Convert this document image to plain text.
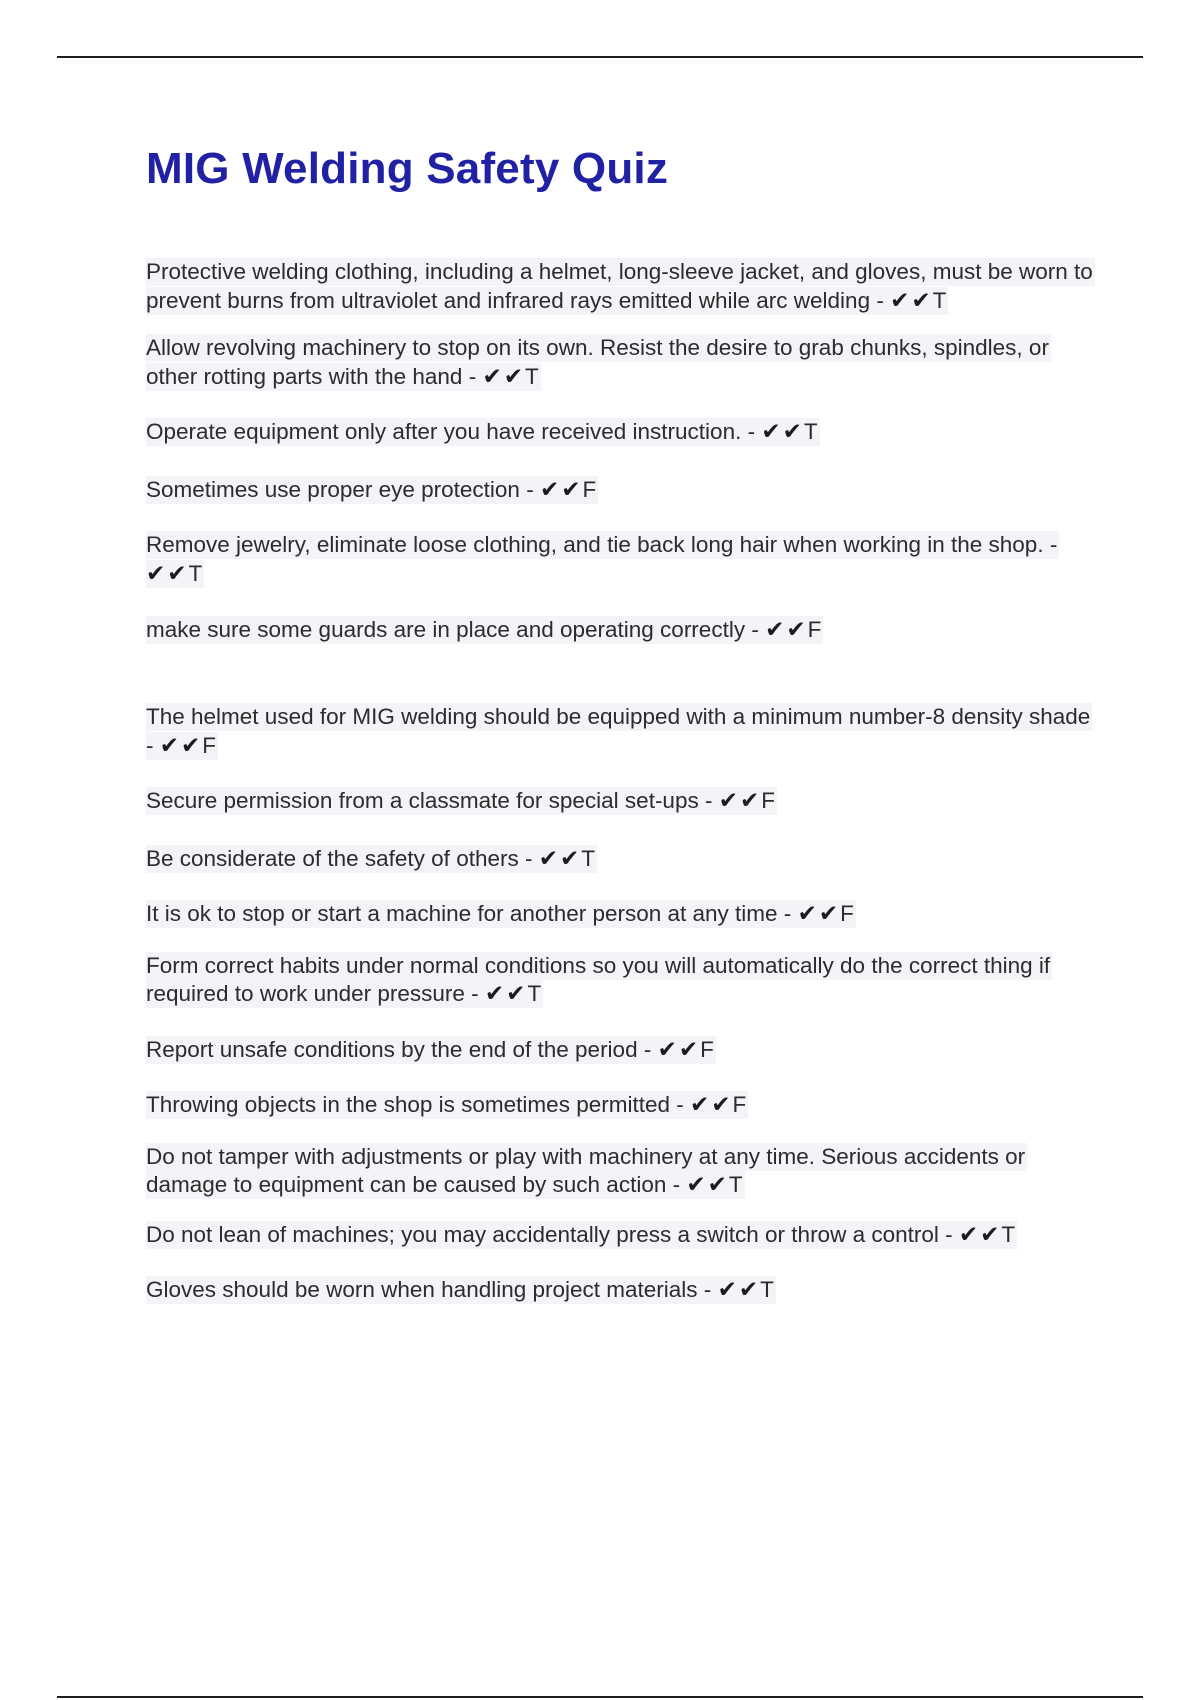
MIG Welding Safety Quiz
Protective welding clothing, including a helmet, long-sleeve jacket, and gloves, must be worn to prevent burns from ultraviolet and infrared rays emitted while arc welding - ✔✔T
Allow revolving machinery to stop on its own. Resist the desire to grab chunks, spindles, or other rotting parts with the hand - ✔✔T
Operate equipment only after you have received instruction. - ✔✔T
Sometimes use proper eye protection - ✔✔F
Remove jewelry, eliminate loose clothing, and tie back long hair when working in the shop. - ✔✔T
make sure some guards are in place and operating correctly - ✔✔F
The helmet used for MIG welding should be equipped with a minimum number-8 density shade - ✔✔F
Secure permission from a classmate for special set-ups - ✔✔F
Be considerate of the safety of others - ✔✔T
It is ok to stop or start a machine for another person at any time - ✔✔F
Form correct habits under normal conditions so you will automatically do the correct thing if required to work under pressure - ✔✔T
Report unsafe conditions by the end of the period - ✔✔F
Throwing objects in the shop is sometimes permitted - ✔✔F
Do not tamper with adjustments or play with machinery at any time. Serious accidents or damage to equipment can be caused by such action - ✔✔T
Do not lean of machines; you may accidentally press a switch or throw a control - ✔✔T
Gloves should be worn when handling project materials - ✔✔T
